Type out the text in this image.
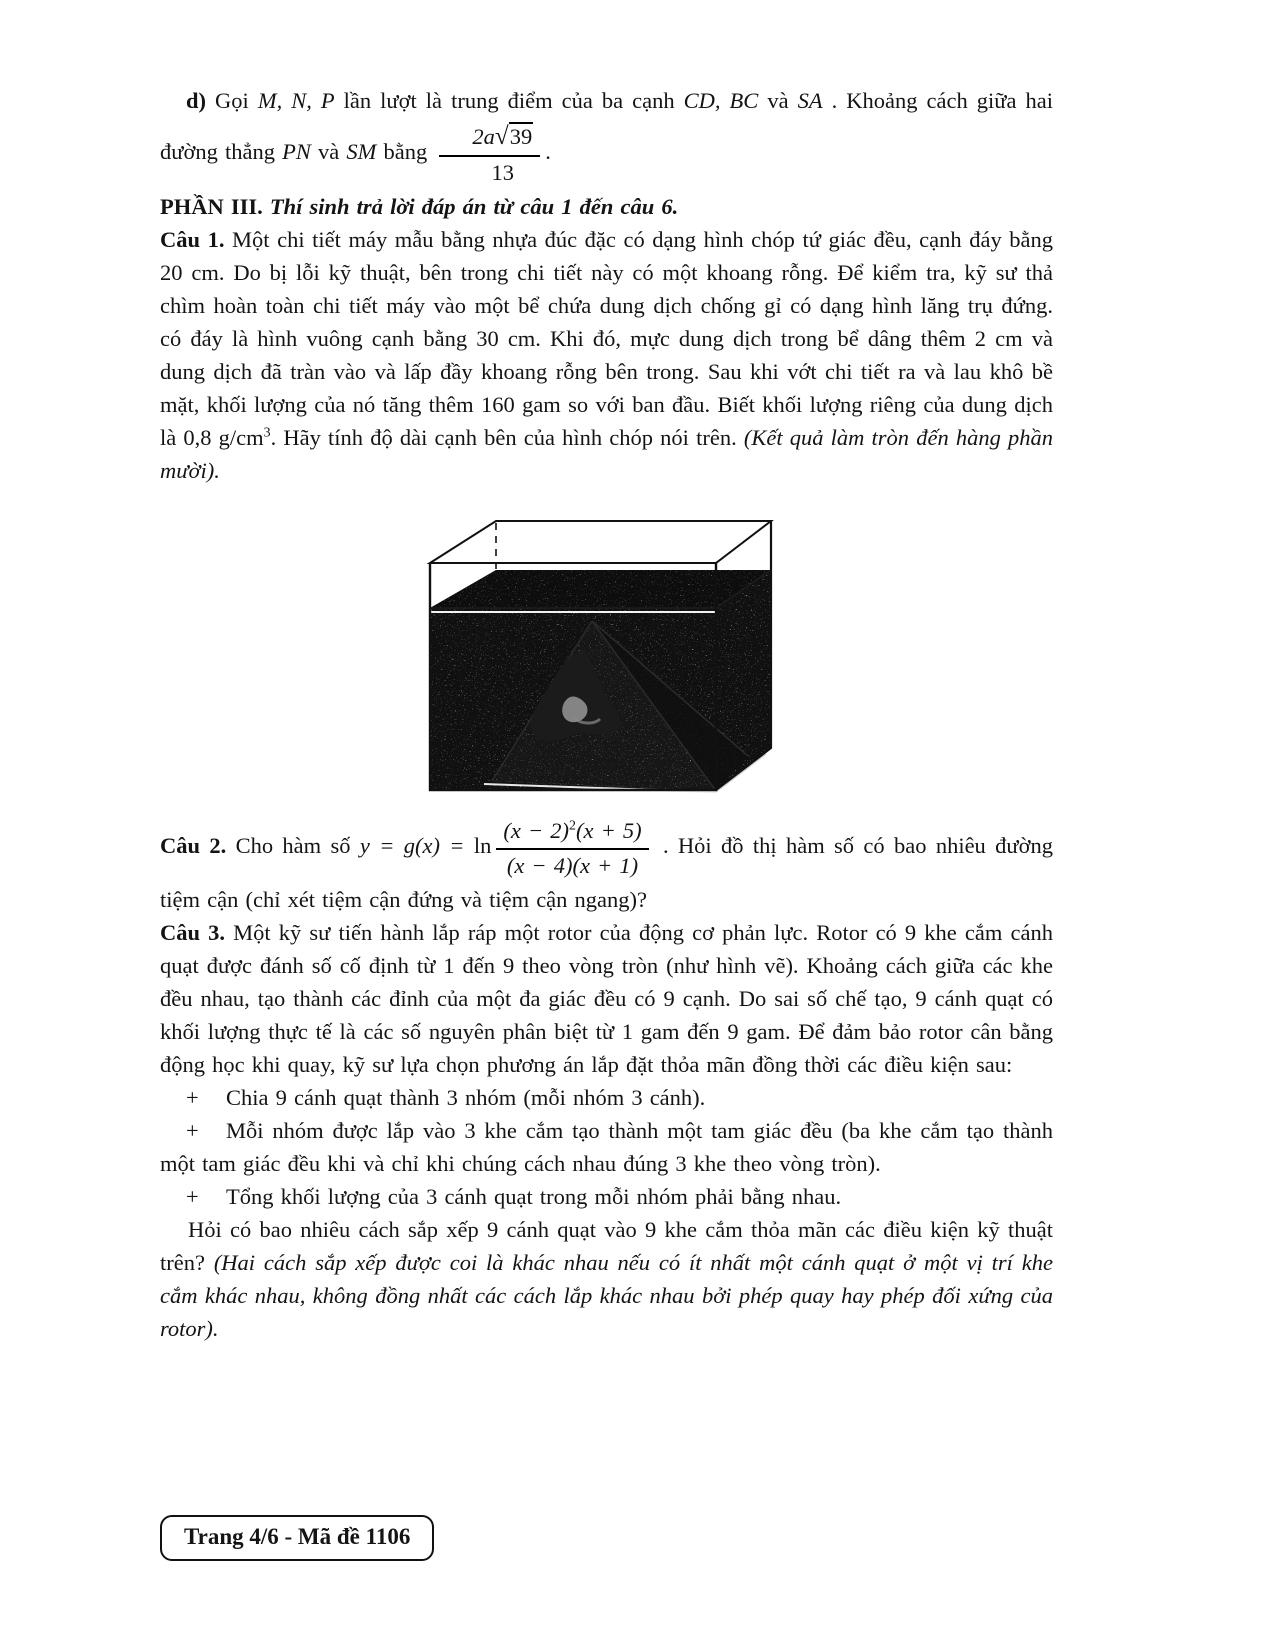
d) Gọi M, N, P lần lượt là trung điểm của ba cạnh CD, BC và SA . Khoảng cách giữa hai đường thẳng PN và SM bằng $\frac{2a√39}{13}$ .

PHẦN III. Thí sinh trả lời đáp án từ câu 1 đến câu 6.

Câu 1. Một chi tiết máy mẫu bằng nhựa đúc đặc có dạng hình chóp tứ giác đều, cạnh đáy bằng 20 cm. Do bị lỗi kỹ thuật, bên trong chi tiết này có một khoang rỗng. Để kiểm tra, kỹ sư thả chìm hoàn toàn chi tiết máy vào một bể chứa dung dịch chống gỉ có dạng hình lăng trụ đứng. có đáy là hình vuông cạnh bằng 30 cm. Khi đó, mực dung dịch trong bể dâng thêm 2 cm và dung dịch đã tràn vào và lấp đầy khoang rỗng bên trong. Sau khi vớt chi tiết ra và lau khô bề mặt, khối lượng của nó tăng thêm 160 gam so với ban đầu. Biết khối lượng riêng của dung dịch là 0,8 $g/cm^3$. Hãy tính độ dài cạnh bên của hình chóp nói trên. (Kết quả làm tròn đến hàng phần mười).

Câu 2. Cho hàm số $y = g(x) = \ln \frac{(x - 2)^2(x + 5)}{(x - 4)(x + 1)}$ . Hỏi đồ thị hàm số có bao nhiêu đường tiệm cận (chỉ xét tiệm cận đứng và tiệm cận ngang)?

Câu 3. Một kỹ sư tiến hành lắp ráp một rotor của động cơ phản lực. Rotor có 9 khe cắm cánh quạt được đánh số cố định từ 1 đến 9 theo vòng tròn (như hình vẽ). Khoảng cách giữa các khe đều nhau, tạo thành các đỉnh của một đa giác đều có 9 cạnh. Do sai số chế tạo, 9 cánh quạt có khối lượng thực tế là các số nguyên phân biệt từ 1 gam đến 9 gam. Để đảm bảo rotor cân bằng động học khi quay, kỹ sư lựa chọn phương án lắp đặt thỏa mãn đồng thời các điều kiện sau:

+ Chia 9 cánh quạt thành 3 nhóm (mỗi nhóm 3 cánh).

+ Mỗi nhóm được lắp vào 3 khe cắm tạo thành một tam giác đều (ba khe cắm tạo thành một tam giác đều khi và chỉ khi chúng cách nhau đúng 3 khe theo vòng tròn).

+ Tổng khối lượng của 3 cánh quạt trong mỗi nhóm phải bằng nhau.

Hỏi có bao nhiêu cách sắp xếp 9 cánh quạt vào 9 khe cắm thỏa mãn các điều kiện kỹ thuật trên? (Hai cách sắp xếp được coi là khác nhau nếu có ít nhất một cánh quạt ở một vị trí khe cắm khác nhau, không đồng nhất các cách lắp khác nhau bởi phép quay hay phép đối xứng của rotor).

Trang 4/6 - Mã đề 1106
